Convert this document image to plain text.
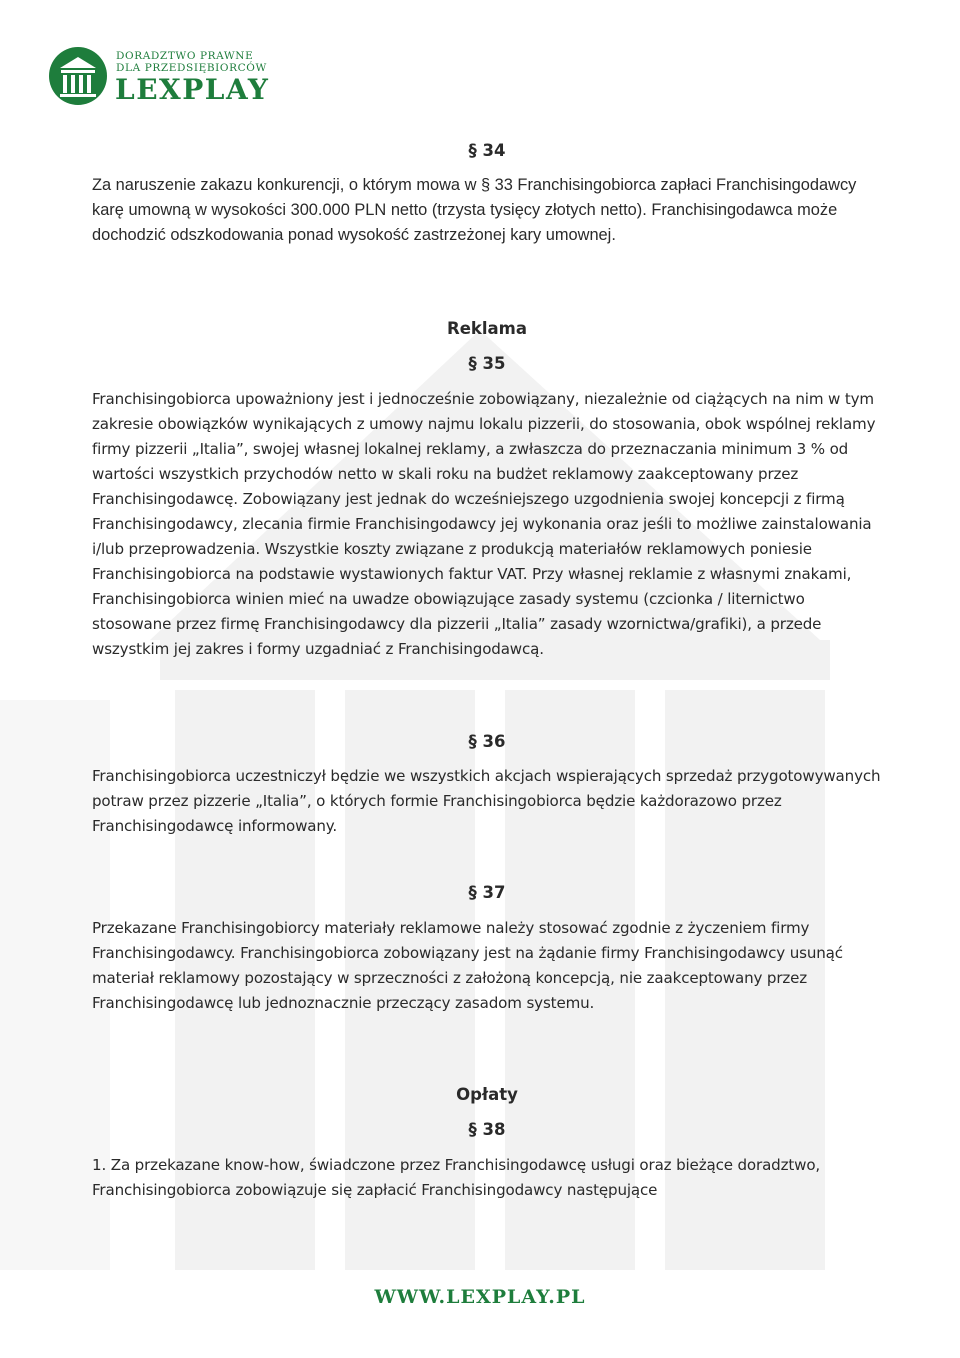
DORADZTWO PRAWNE
DLA PRZEDSIĘBIORCÓW
LEXPLAY
§ 34

Za naruszenie zakazu konkurencji, o którym mowa w § 33 Franchisingobiorca zapłaci Franchisingodawcy karę umowną w wysokości 300.000 PLN netto (trzysta tysięcy złotych netto). Franchisingodawca może dochodzić odszkodowania ponad wysokość zastrzeżonej kary umownej.

Reklama
§ 35

Franchisingobiorca upoważniony jest i jednocześnie zobowiązany, niezależnie od ciążących na nim w tym zakresie obowiązków wynikających z umowy najmu lokalu pizzerii, do stosowania, obok wspólnej reklamy firmy pizzerii „Italia”, swojej własnej lokalnej reklamy, a zwłaszcza do przeznaczania minimum 3 % od wartości wszystkich przychodów netto w skali roku na budżet reklamowy zaakceptowany przez Franchisingodawcę. Zobowiązany jest jednak do wcześniejszego uzgodnienia swojej koncepcji z firmą Franchisingodawcy, zlecania firmie Franchisingodawcy jej wykonania oraz jeśli to możliwe zainstalowania i/lub przeprowadzenia. Wszystkie koszty związane z produkcją materiałów reklamowych poniesie Franchisingobiorca na podstawie wystawionych faktur VAT. Przy własnej reklamie z własnymi znakami, Franchisingobiorca winien mieć na uwadze obowiązujące zasady systemu (czcionka / liternictwo stosowane przez firmę Franchisingodawcy dla pizzerii „Italia” zasady wzornictwa/grafiki), a przede wszystkim jej zakres i formy uzgadniać z Franchisingodawcą.

§ 36

Franchisingobiorca uczestniczył będzie we wszystkich akcjach wspierających sprzedaż przygotowywanych potraw przez pizzerie „Italia”, o których formie Franchisingobiorca będzie każdorazowo przez Franchisingodawcę informowany.

§ 37

Przekazane Franchisingobiorcy materiały reklamowe należy stosować zgodnie z życzeniem firmy Franchisingodawcy. Franchisingobiorca zobowiązany jest na żądanie firmy Franchisingodawcy usunąć materiał reklamowy pozostający w sprzeczności z założoną koncepcją, nie zaakceptowany przez Franchisingodawcę lub jednoznacznie przeczący zasadom systemu.

Opłaty
§ 38

1. Za przekazane know-how, świadczone przez Franchisingodawcę usługi oraz bieżące doradztwo, Franchisingobiorca zobowiązuje się zapłacić Franchisingodawcy następujące

WWW.LEXPLAY.PL
